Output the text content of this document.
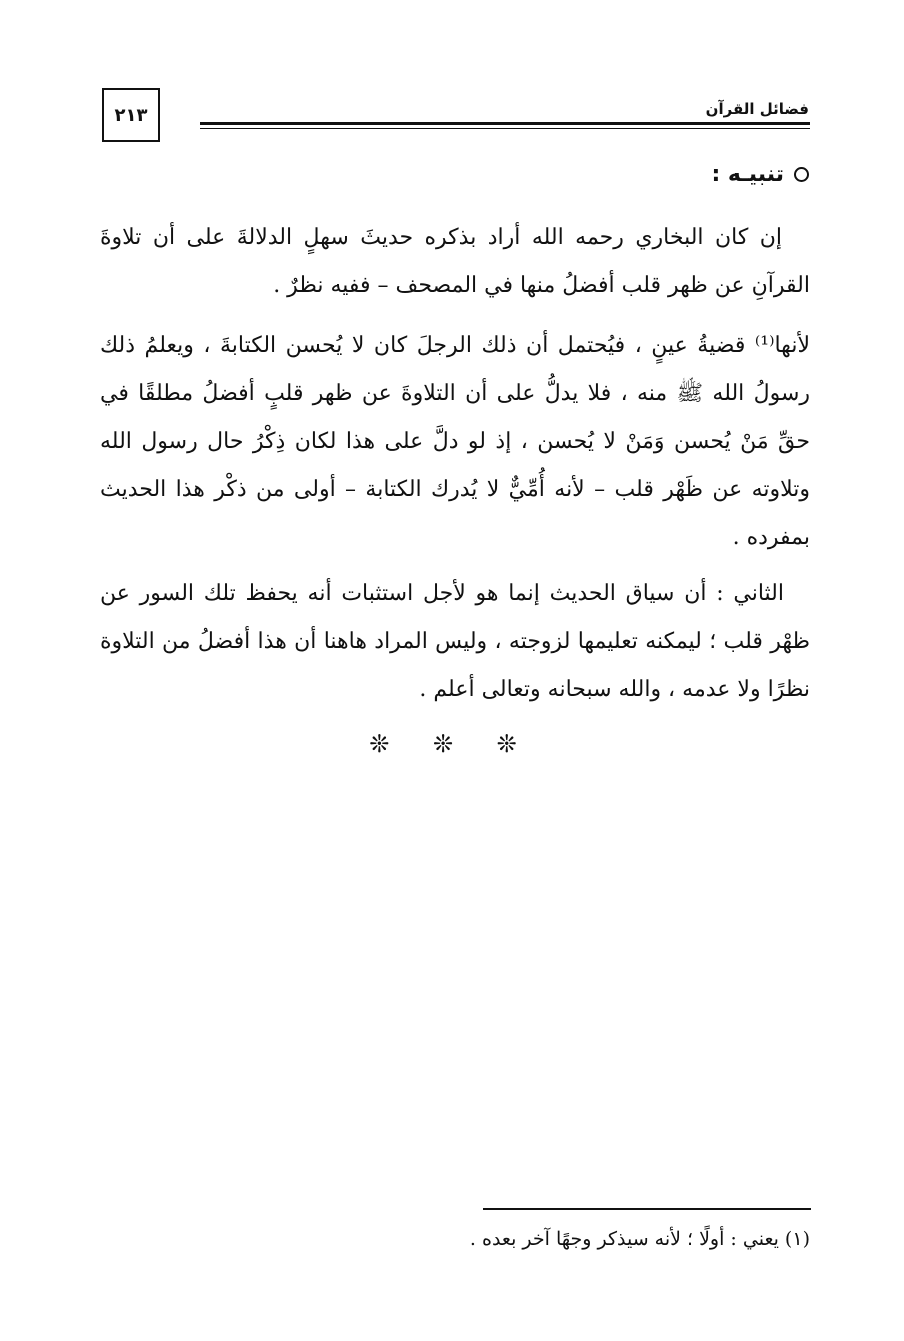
٢١٣	فضائل القرآن
تنبيـه :

إن كان البخاري رحمه الله أراد بذكره حديثَ سهلٍ الدلالةَ على أن تلاوةَ القرآنِ عن ظهر قلب أفضلُ منها في المصحف – ففيه نظرٌ .

لأنها⁽¹⁾ قضيةُ عينٍ ، فيُحتمل أن ذلك الرجلَ كان لا يُحسن الكتابةَ ، ويعلمُ ذلك رسولُ الله ﷺ منه ، فلا يدلُّ على أن التلاوةَ عن ظهر قلبٍ أفضلُ مطلقًا في حقِّ مَنْ يُحسن وَمَنْ لا يُحسن ، إذ لو دلَّ على هذا لكان ذِكْرُ حال رسول الله وتلاوته عن ظَهْر قلب – لأنه أُمِّيٌّ لا يُدرك الكتابة – أولى من ذكْر هذا الحديث بمفرده .

الثاني : أن سياق الحديث إنما هو لأجل استثبات أنه يحفظ تلك السور عن ظهْر قلب ؛ ليمكنه تعليمها لزوجته ، وليس المراد هاهنا أن هذا أفضلُ من التلاوة نظرًا ولا عدمه ، والله سبحانه وتعالى أعلم .

❊ ❊ ❊
(١) يعني : أولًا ؛ لأنه سيذكر وجهًا آخر بعده .
